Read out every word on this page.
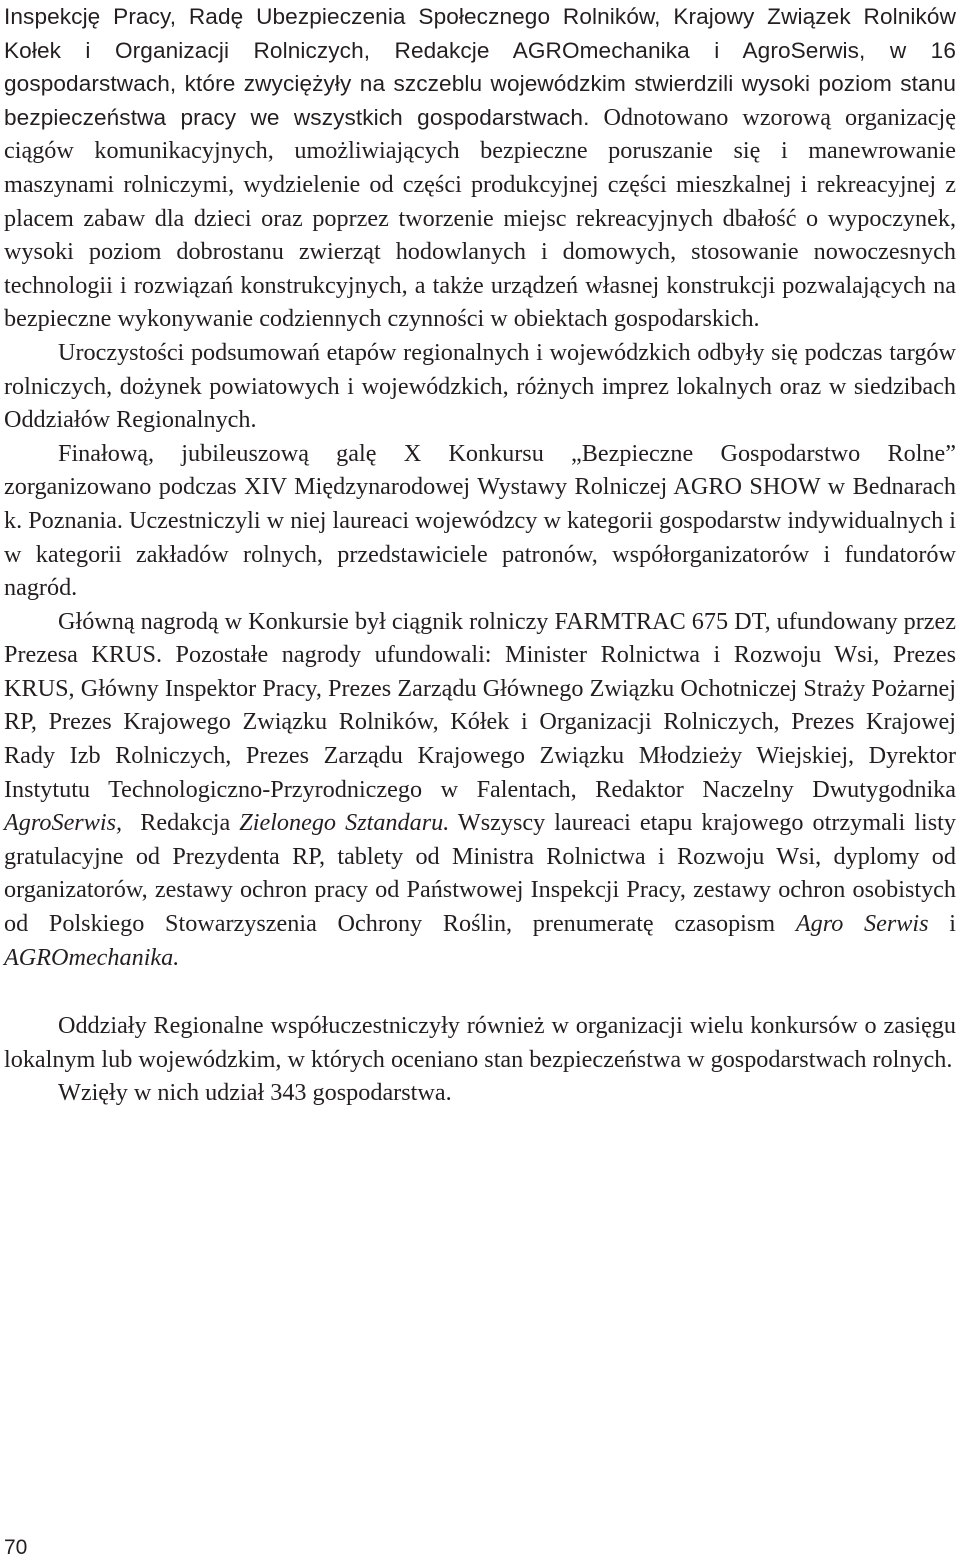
Inspekcję Pracy, Radę Ubezpieczenia Społecznego Rolników, Krajowy Związek Rolników Kołek i Organizacji Rolniczych, Redakcje AGROmechanika i AgroSerwis, w 16 gospodarstwach, które zwyciężyły na szczeblu wojewódzkim stwierdzili wysoki poziom stanu bezpieczeństwa pracy we wszystkich gospodarstwach. Odnotowano wzorową organizację ciągów komunikacyjnych, umożliwiających bezpieczne poruszanie się i manewrowanie maszynami rolniczymi, wydzielenie od części produkcyjnej części mieszkalnej i rekreacyjnej z placem zabaw dla dzieci oraz poprzez tworzenie miejsc rekreacyjnych dbałość o wypoczynek, wysoki poziom dobrostanu zwierząt hodowlanych i domowych, stosowanie nowoczesnych technologii i rozwiązań konstrukcyjnych, a także urządzeń własnej konstrukcji pozwalających na bezpieczne wykonywanie codziennych czynności w obiektach gospodarskich.

Uroczystości podsumowań etapów regionalnych i wojewódzkich odbyły się podczas targów rolniczych, dożynek powiatowych i wojewódzkich, różnych imprez lokalnych oraz w siedzibach Oddziałów Regionalnych.

Finałową, jubileuszową galę X Konkursu „Bezpieczne Gospodarstwo Rolne” zorganizowano podczas XIV Międzynarodowej Wystawy Rolniczej AGRO SHOW w Bednarach k. Poznania. Uczestniczyli w niej laureaci wojewódzcy w kategorii gospodarstw indywidualnych i w kategorii zakładów rolnych, przedstawiciele patronów, współorganizatorów i fundatorów nagród.

Główną nagrodą w Konkursie był ciągnik rolniczy FARMTRAC 675 DT, ufundowany przez Prezesa KRUS. Pozostałe nagrody ufundowali: Minister Rolnictwa i Rozwoju Wsi, Prezes KRUS, Główny Inspektor Pracy, Prezes Zarządu Głównego Związku Ochotniczej Straży Pożarnej RP, Prezes Krajowego Związku Rolników, Kółek i Organizacji Rolniczych, Prezes Krajowej Rady Izb Rolniczych, Prezes Zarządu Krajowego Związku Młodzieży Wiejskiej, Dyrektor Instytutu Technologiczno-Przyrodniczego w Falentach, Redaktor Naczelny Dwutygodnika AgroSerwis,  Redakcja Zielonego Sztandaru. Wszyscy laureaci etapu krajowego otrzymali listy gratulacyjne od Prezydenta RP, tablety od Ministra Rolnictwa i Rozwoju Wsi, dyplomy od organizatorów, zestawy ochron pracy od Państwowej Inspekcji Pracy, zestawy ochron osobistych od Polskiego Stowarzyszenia Ochrony Roślin, prenumeratę czasopism Agro Serwis i AGROmechanika.

Oddziały Regionalne współuczestniczyły również w organizacji wielu konkursów o zasięgu lokalnym lub wojewódzkim, w których oceniano stan bezpieczeństwa w gospodarstwach rolnych.

Wzięły w nich udział 343 gospodarstwa.

70
